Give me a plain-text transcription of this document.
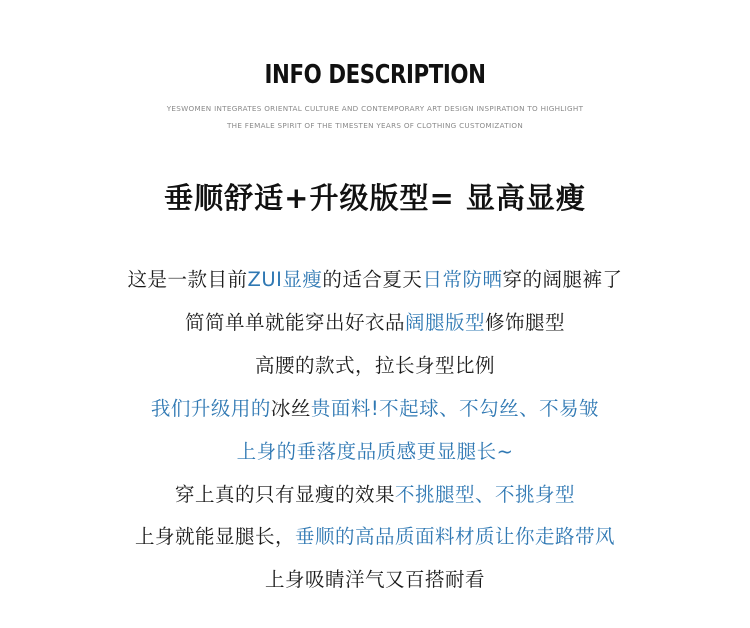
INFO DESCRIPTION
YESWOMEN INTEGRATES ORIENTAL CULTURE AND CONTEMPORARY ART DESIGN INSPIRATION TO HIGHLIGHT
THE FEMALE SPIRIT OF THE TIMESTEN YEARS OF CLOTHING CUSTOMIZATION
垂顺舒适+升级版型= 显高显瘦
这是一款目前ZUI显瘦的适合夏天日常防晒穿的阔腿裤了
简简单单就能穿出好衣品阔腿版型修饰腿型
高腰的款式，拉长身型比例
我们升级用的冰丝贵面料!不起球、不勾丝、不易皱
上身的垂落度品质感更显腿长~
穿上真的只有显瘦的效果不挑腿型、不挑身型
上身就能显腿长，垂顺的高品质面料材质让你走路带风
上身吸睛洋气又百搭耐看
